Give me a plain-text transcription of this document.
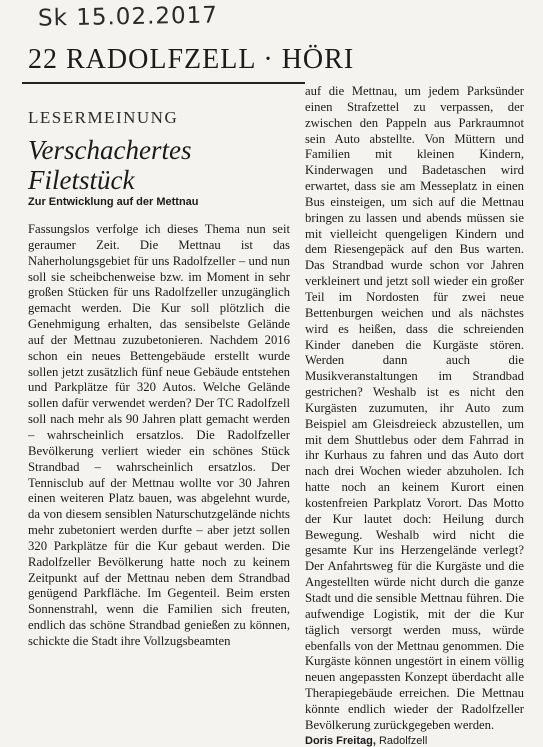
Sk 15.02.2017
22 RADOLFZELL · HÖRI
LESERMEINUNG
Verschachertes Filetstück
Zur Entwicklung auf der Mettnau

Fassungslos verfolge ich dieses Thema nun seit geraumer Zeit. Die Mettnau ist das Naherholungsgebiet für uns Radolfzeller – und nun soll sie scheibchenweise bzw. im Moment in sehr großen Stücken für uns Radolfzeller unzugänglich gemacht werden. Die Kur soll plötzlich die Genehmigung erhalten, das sensibelste Gelände auf der Mettnau zuzubetonieren. Nachdem 2016 schon ein neues Bettengebäude erstellt wurde sollen jetzt zusätzlich fünf neue Gebäude entstehen und Parkplätze für 320 Autos. Welche Gelände sollen dafür verwendet werden? Der TC Radolfzell soll nach mehr als 90 Jahren platt gemacht werden – wahrscheinlich ersatzlos. Die Radolfzeller Bevölkerung verliert wieder ein schönes Stück Strandbad – wahrscheinlich ersatzlos. Der Tennisclub auf der Mettnau wollte vor 30 Jahren einen weiteren Platz bauen, was abgelehnt wurde, da von diesem sensiblen Naturschutzgelände nichts mehr zubetoniert werden durfte – aber jetzt sollen 320 Parkplätze für die Kur gebaut werden. Die Radolfzeller Bevölkerung hatte noch zu keinem Zeitpunkt auf der Mettnau neben dem Strandbad genügend Parkfläche. Im Gegenteil. Beim ersten Sonnenstrahl, wenn die Familien sich freuten, endlich das schöne Strandbad genießen zu können, schickte die Stadt ihre Vollzugsbeamten

auf die Mettnau, um jedem Parksünder einen Strafzettel zu verpassen, der zwischen den Pappeln aus Parkraumnot sein Auto abstellte. Von Müttern und Familien mit kleinen Kindern, Kinderwagen und Badetaschen wird erwartet, dass sie am Messeplatz in einen Bus einsteigen, um sich auf die Mettnau bringen zu lassen und abends müssen sie mit vielleicht quengeligen Kindern und dem Riesengepäck auf den Bus warten. Das Strandbad wurde schon vor Jahren verkleinert und jetzt soll wieder ein großer Teil im Nordosten für zwei neue Bettenburgen weichen und als nächstes wird es heißen, dass die schreienden Kinder daneben die Kurgäste stören. Werden dann auch die Musikveranstaltungen im Strandbad gestrichen? Weshalb ist es nicht den Kurgästen zuzumuten, ihr Auto zum Beispiel am Gleisdreieck abzustellen, um mit dem Shuttlebus oder dem Fahrrad in ihr Kurhaus zu fahren und das Auto dort nach drei Wochen wieder abzuholen. Ich hatte noch an keinem Kurort einen kostenfreien Parkplatz Vorort. Das Motto der Kur lautet doch: Heilung durch Bewegung. Weshalb wird nicht die gesamte Kur ins Herzengelände verlegt? Der Anfahrtsweg für die Kurgäste und die Angestellten würde nicht durch die ganze Stadt und die sensible Mettnau führen. Die aufwendige Logistik, mit der die Kur täglich versorgt werden muss, würde ebenfalls von der Mettnau genommen. Die Kurgäste können ungestört in einem völlig neuen angepassten Konzept überdacht alle Therapiegebäude erreichen. Die Mettnau könnte endlich wieder der Radolfzeller Bevölkerung zurückgegeben werden.

Doris Freitag, Radolfzell
